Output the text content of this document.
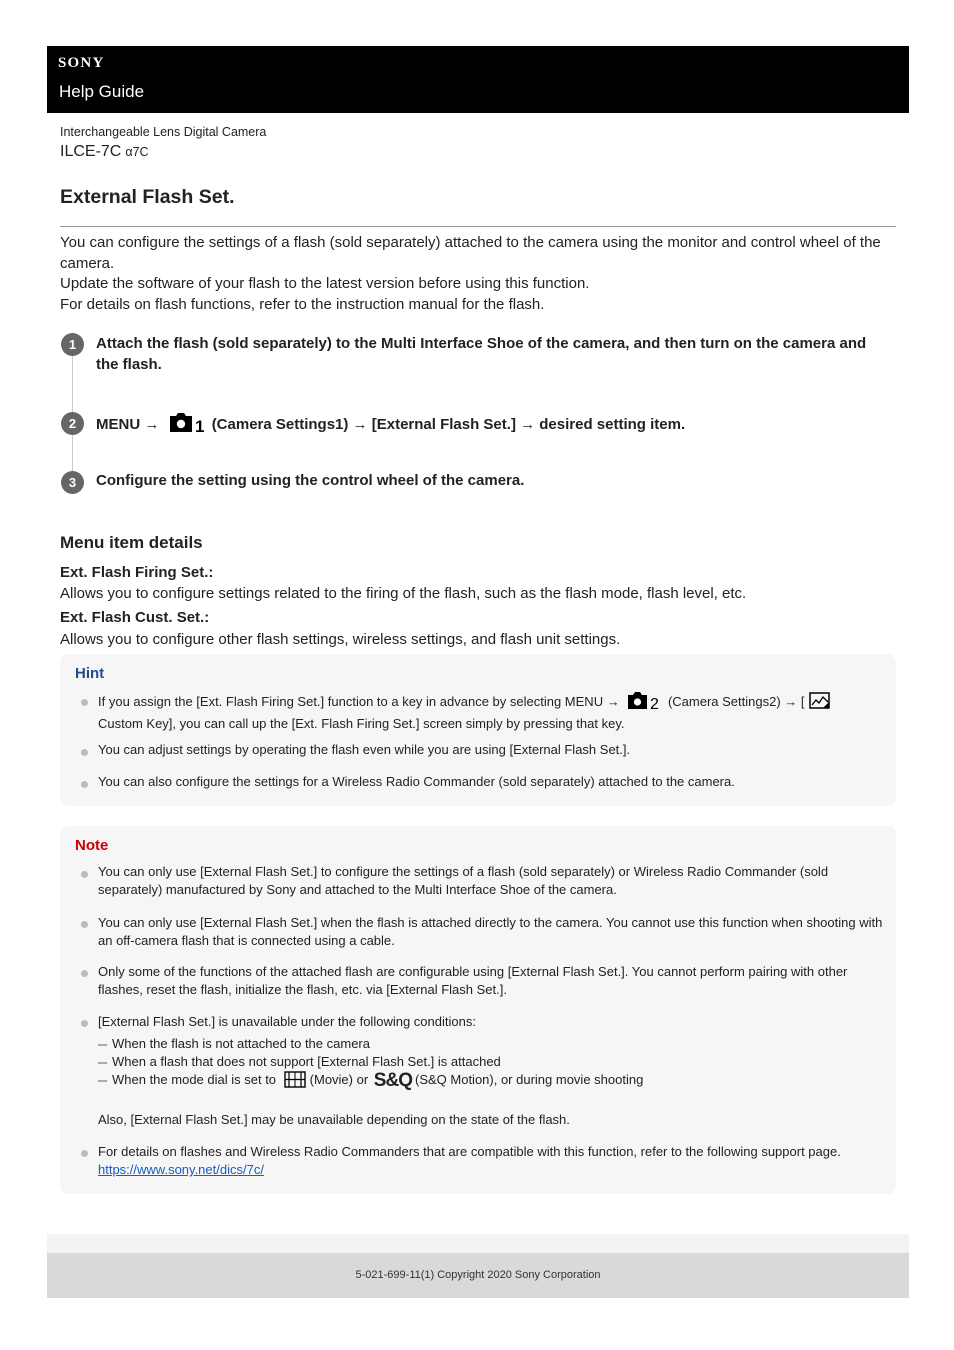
SONY
Help Guide
Interchangeable Lens Digital Camera
ILCE-7C α7C
External Flash Set.

You can configure the settings of a flash (sold separately) attached to the camera using the monitor and control wheel of the camera.

Update the software of your flash to the latest version before using this function.

For details on flash functions, refer to the instruction manual for the flash.

1	Attach the flash (sold separately) to the Multi Interface Shoe of the camera, and then turn on the camera and the flash.
2	MENU → 1 (Camera Settings1) → [External Flash Set.] → desired setting item.
3	Configure the setting using the control wheel of the camera.
Menu item details
Ext. Flash Firing Set.:
Allows you to configure settings related to the firing of the flash, such as the flash mode, flash level, etc.
Ext. Flash Cust. Set.:
Allows you to configure other flash settings, wireless settings, and flash unit settings.
Hint
If you assign the [Ext. Flash Firing Set.] function to a key in advance by selecting MENU → 2 (Camera Settings2) → [
Custom Key], you can call up the [Ext. Flash Firing Set.] screen simply by pressing that key.
You can adjust settings by operating the flash even while you are using [External Flash Set.].
You can also configure the settings for a Wireless Radio Commander (sold separately) attached to the camera.
Note
You can only use [External Flash Set.] to configure the settings of a flash (sold separately) or Wireless Radio Commander (sold separately) manufactured by Sony and attached to the Multi Interface Shoe of the camera.
You can only use [External Flash Set.] when the flash is attached directly to the camera. You cannot use this function when shooting with an off-camera flash that is connected using a cable.
Only some of the functions of the attached flash are configurable using [External Flash Set.]. You cannot perform pairing with other flashes, reset the flash, initialize the flash, etc. via [External Flash Set.].
[External Flash Set.] is unavailable under the following conditions:
When the flash is not attached to the camera
When a flash that does not support [External Flash Set.] is attached
When the mode dial is set to	(Movie) or S&Q (S&Q Motion), or during movie shooting
Also, [External Flash Set.] may be unavailable depending on the state of the flash.
For details on flashes and Wireless Radio Commanders that are compatible with this function, refer to the following support page.
https://www.sony.net/dics/7c/
5-021-699-11(1) Copyright 2020 Sony Corporation
